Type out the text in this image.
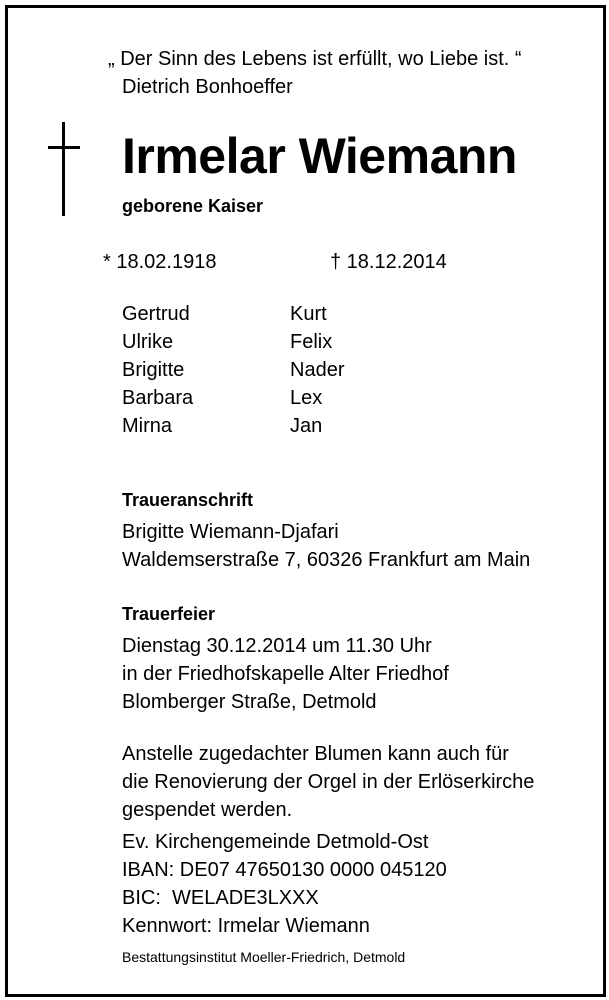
„ Der Sinn des Lebens ist erfüllt, wo Liebe ist. “
Dietrich Bonhoeffer
Irmelar Wiemann
geborene Kaiser
* 18.02.1918	† 18.12.2014
Gertrud
Ulrike
Brigitte
Barbara
Mirna
Kurt
Felix
Nader
Lex
Jan
Traueranschrift
Brigitte Wiemann-Djafari
Waldemserstraße 7, 60326 Frankfurt am Main
Trauerfeier
Dienstag 30.12.2014 um 11.30 Uhr
in der Friedhofskapelle Alter Friedhof
Blomberger Straße, Detmold
Anstelle zugedachter Blumen kann auch für
die Renovierung der Orgel in der Erlöserkirche
gespendet werden.
Ev. Kirchengemeinde Detmold-Ost
IBAN: DE07 47650130 0000 045120
BIC:  WELADE3LXXX
Kennwort: Irmelar Wiemann
Bestattungsinstitut Moeller-Friedrich, Detmold
